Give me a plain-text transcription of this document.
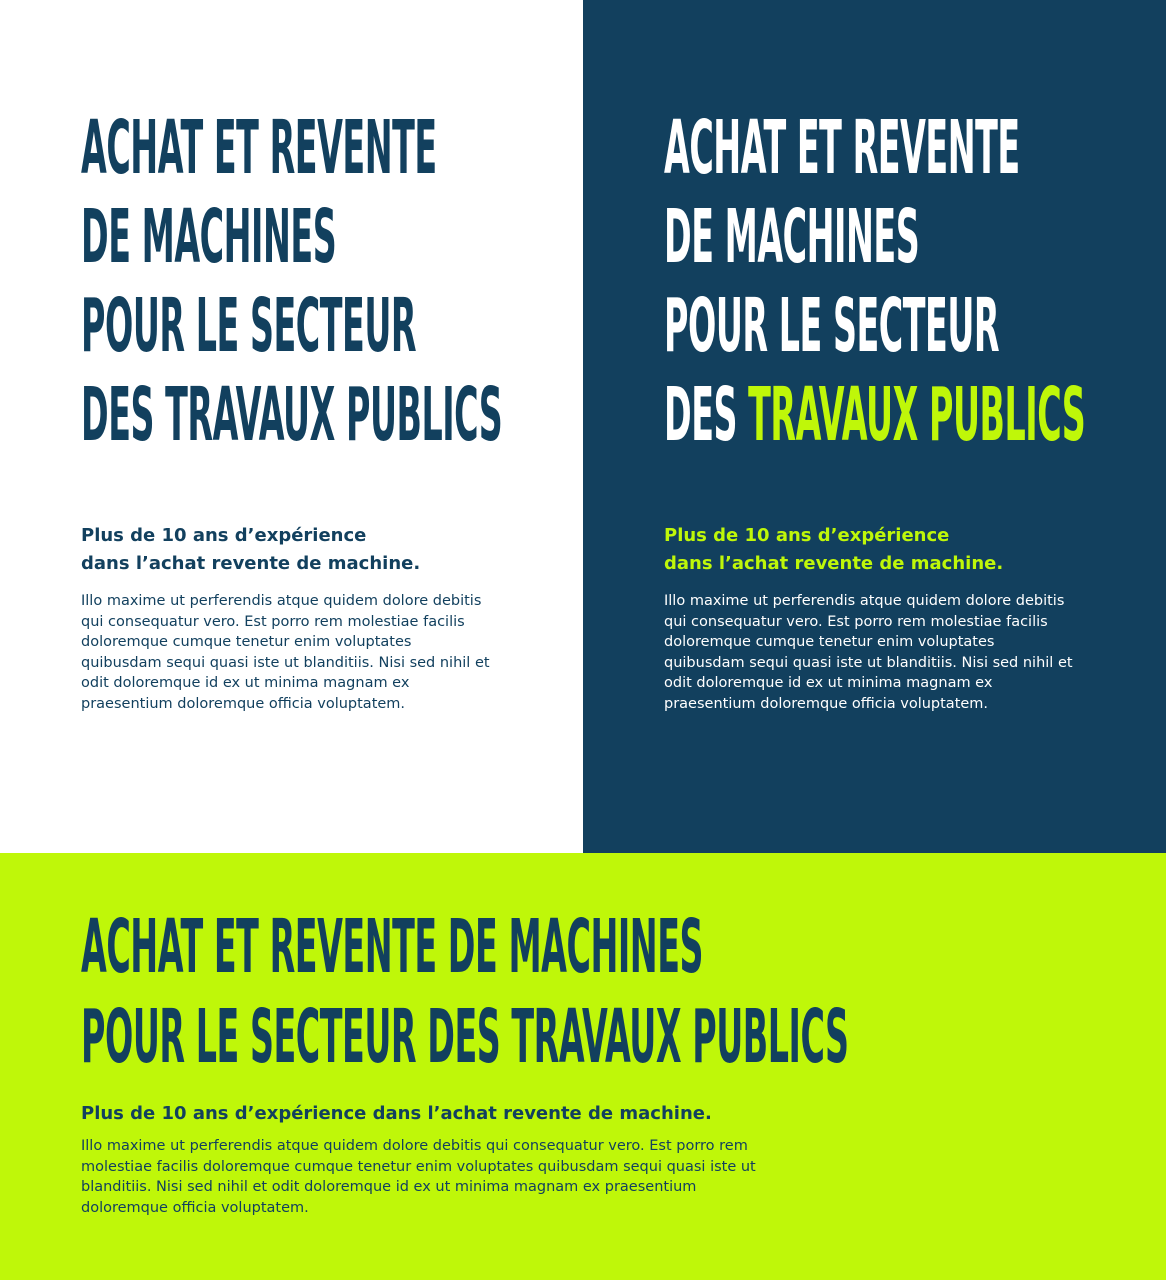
ACHAT ET REVENTE
DE MACHINES
POUR LE SECTEUR
DES TRAVAUX PUBLICS

Plus de 10 ans d’expérience
dans l’achat revente de machine.

Illo maxime ut perferendis atque quidem dolore debitis qui consequatur vero. Est porro rem molestiae facilis doloremque cumque tenetur enim voluptates quibusdam sequi quasi iste ut blanditiis. Nisi sed nihil et odit doloremque id ex ut minima magnam ex praesentium doloremque officia voluptatem.

ACHAT ET REVENTE
DE MACHINES
POUR LE SECTEUR
DES TRAVAUX PUBLICS

Plus de 10 ans d’expérience
dans l’achat revente de machine.

Illo maxime ut perferendis atque quidem dolore debitis qui consequatur vero. Est porro rem molestiae facilis doloremque cumque tenetur enim voluptates quibusdam sequi quasi iste ut blanditiis. Nisi sed nihil et odit doloremque id ex ut minima magnam ex praesentium doloremque officia voluptatem.

ACHAT ET REVENTE DE MACHINES
POUR LE SECTEUR DES TRAVAUX PUBLICS

Plus de 10 ans d’expérience dans l’achat revente de machine.

Illo maxime ut perferendis atque quidem dolore debitis qui consequatur vero. Est porro rem molestiae facilis doloremque cumque tenetur enim voluptates quibusdam sequi quasi iste ut blanditiis. Nisi sed nihil et odit doloremque id ex ut minima magnam ex praesentium doloremque officia voluptatem.
